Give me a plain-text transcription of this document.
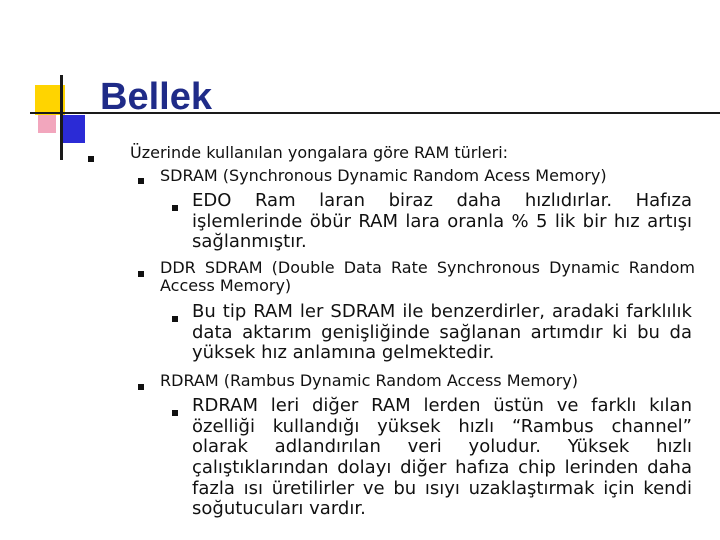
Bellek

Üzerinde kullanılan yongalara göre RAM türleri:

SDRAM (Synchronous Dynamic Random Acess Memory)

EDO Ram laran biraz daha hızlıdırlar. Hafıza işlemlerinde öbür RAM lara oranla % 5 lik bir hız artışı sağlanmıştır.

DDR SDRAM (Double Data Rate Synchronous Dynamic Random Access Memory)

Bu tip RAM ler SDRAM ile benzerdirler, aradaki farklılık data aktarım genişliğinde sağlanan artımdır ki bu da yüksek hız anlamına gelmektedir.

RDRAM (Rambus Dynamic Random Access Memory)

RDRAM leri diğer RAM lerden üstün ve farklı kılan özelliği kullandığı yüksek hızlı “Rambus channel” olarak adlandırılan veri yoludur. Yüksek hızlı çalıştıklarından dolayı diğer hafıza chip lerinden daha fazla ısı üretilirler ve bu ısıyı uzaklaştırmak için kendi soğutucuları vardır.
